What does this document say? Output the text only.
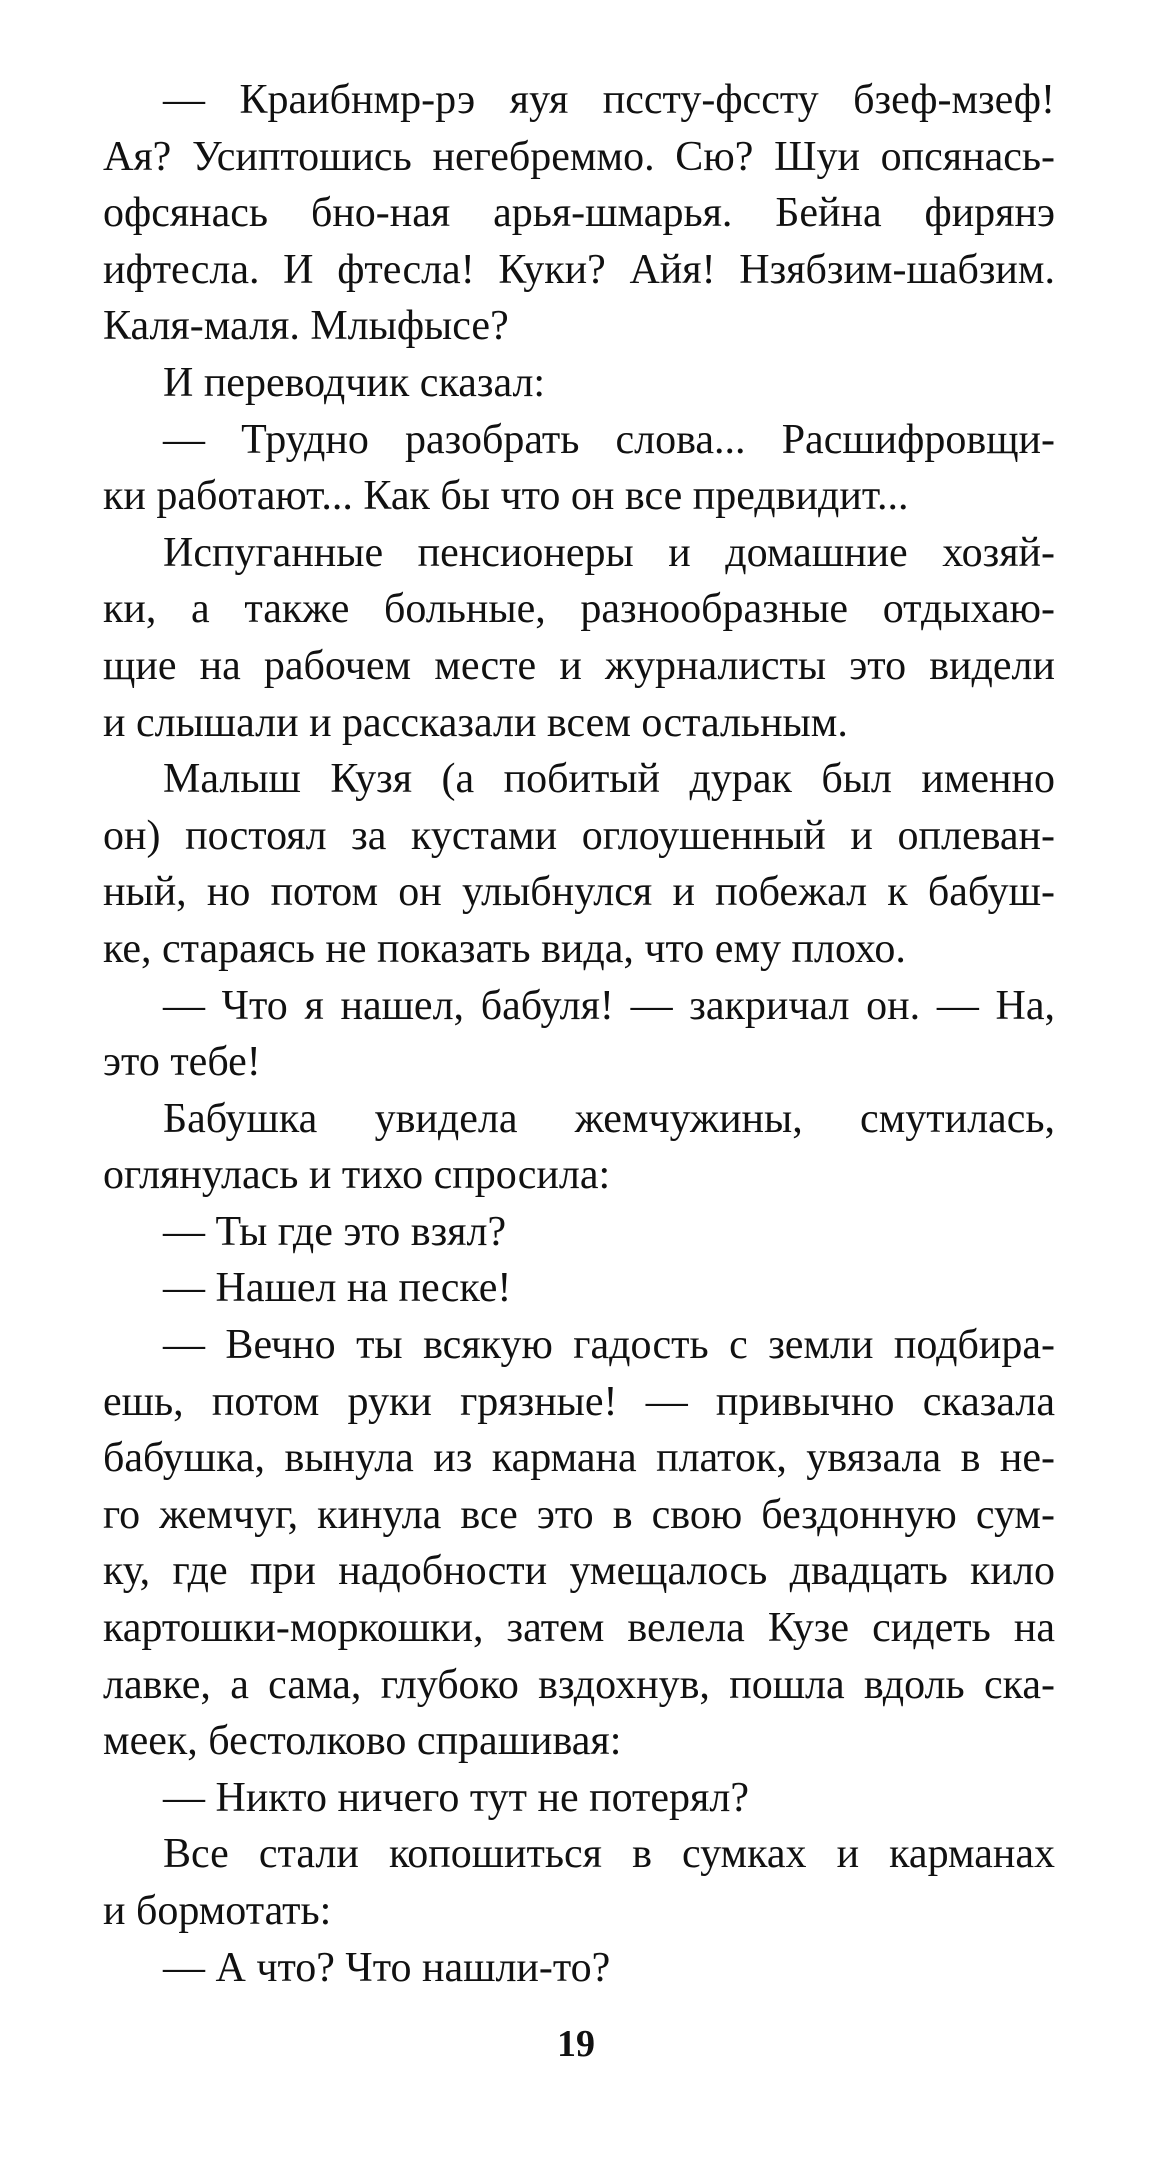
— Краибнмр-рэ яуя пссту-фссту бзеф-мзеф!
Ая? Усиптошись негебреммо. Сю? Шуи опсянась-
офсянась бно-ная арья-шмарья. Бейна фирянэ
ифтесла. И фтесла! Куки? Айя! Нзябзим-шабзим.
Каля-маля. Млыфысе?
И переводчик сказал:
— Трудно разобрать слова... Расшифровщи-
ки работают... Как бы что он все предвидит...
Испуганные пенсионеры и домашние хозяй-
ки, а также больные, разнообразные отдыхаю-
щие на рабочем месте и журналисты это видели
и слышали и рассказали всем остальным.
Малыш Кузя (а побитый дурак был именно
он) постоял за кустами оглоушенный и оплеван-
ный, но потом он улыбнулся и побежал к бабуш-
ке, стараясь не показать вида, что ему плохо.
— Что я нашел, бабуля! — закричал он. — На,
это тебе!
Бабушка увидела жемчужины, смутилась,
оглянулась и тихо спросила:
— Ты где это взял?
— Нашел на песке!
— Вечно ты всякую гадость с земли подбира-
ешь, потом руки грязные! — привычно сказала
бабушка, вынула из кармана платок, увязала в не-
го жемчуг, кинула все это в свою бездонную сум-
ку, где при надобности умещалось двадцать кило
картошки-моркошки, затем велела Кузе сидеть на
лавке, а сама, глубоко вздохнув, пошла вдоль ска-
меек, бестолково спрашивая:
— Никто ничего тут не потерял?
Все стали копошиться в сумках и карманах
и бормотать:
— А что? Что нашли-то?
19
